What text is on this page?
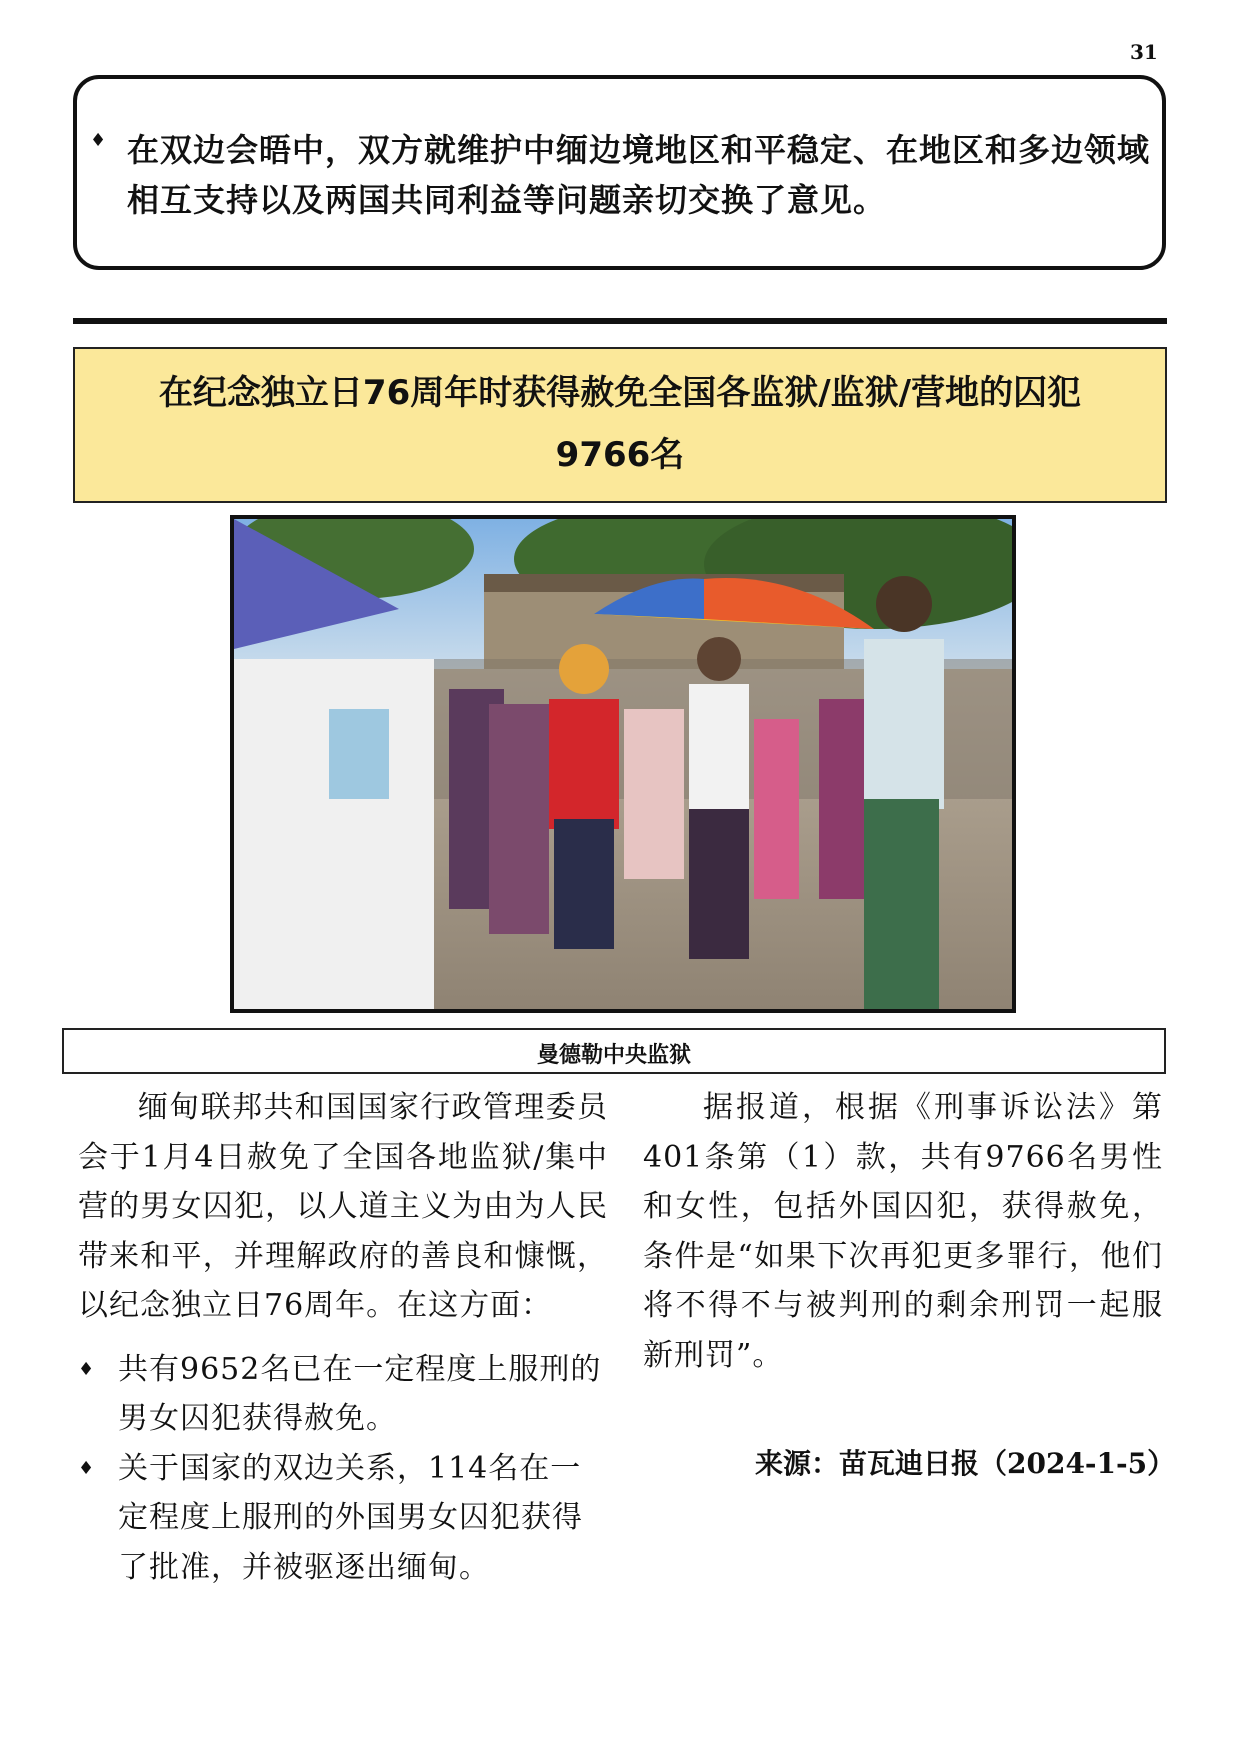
31
♦ 在双边会晤中，双方就维护中缅边境地区和平稳定、在地区和多边领域相互支持以及两国共同利益等问题亲切交换了意见。
在纪念独立日76周年时获得赦免全国各监狱/监狱/营地的囚犯
9766名
曼德勒中央监狱

缅甸联邦共和国国家行政管理委员会于1月4日赦免了全国各地监狱/集中营的男女囚犯，以人道主义为由为人民带来和平，并理解政府的善良和慷慨，以纪念独立日76周年。在这方面：

♦ 共有9652名已在一定程度上服刑的男女囚犯获得赦免。
♦ 关于国家的双边关系，114名在一定程度上服刑的外国男女囚犯获得了批准，并被驱逐出缅甸。

据报道，根据《刑事诉讼法》第401条第（1）款，共有9766名男性和女性，包括外国囚犯，获得赦免，条件是“如果下次再犯更多罪行，他们将不得不与被判刑的剩余刑罚一起服新刑罚”。

来源：苗瓦迪日报（2024-1-5）
